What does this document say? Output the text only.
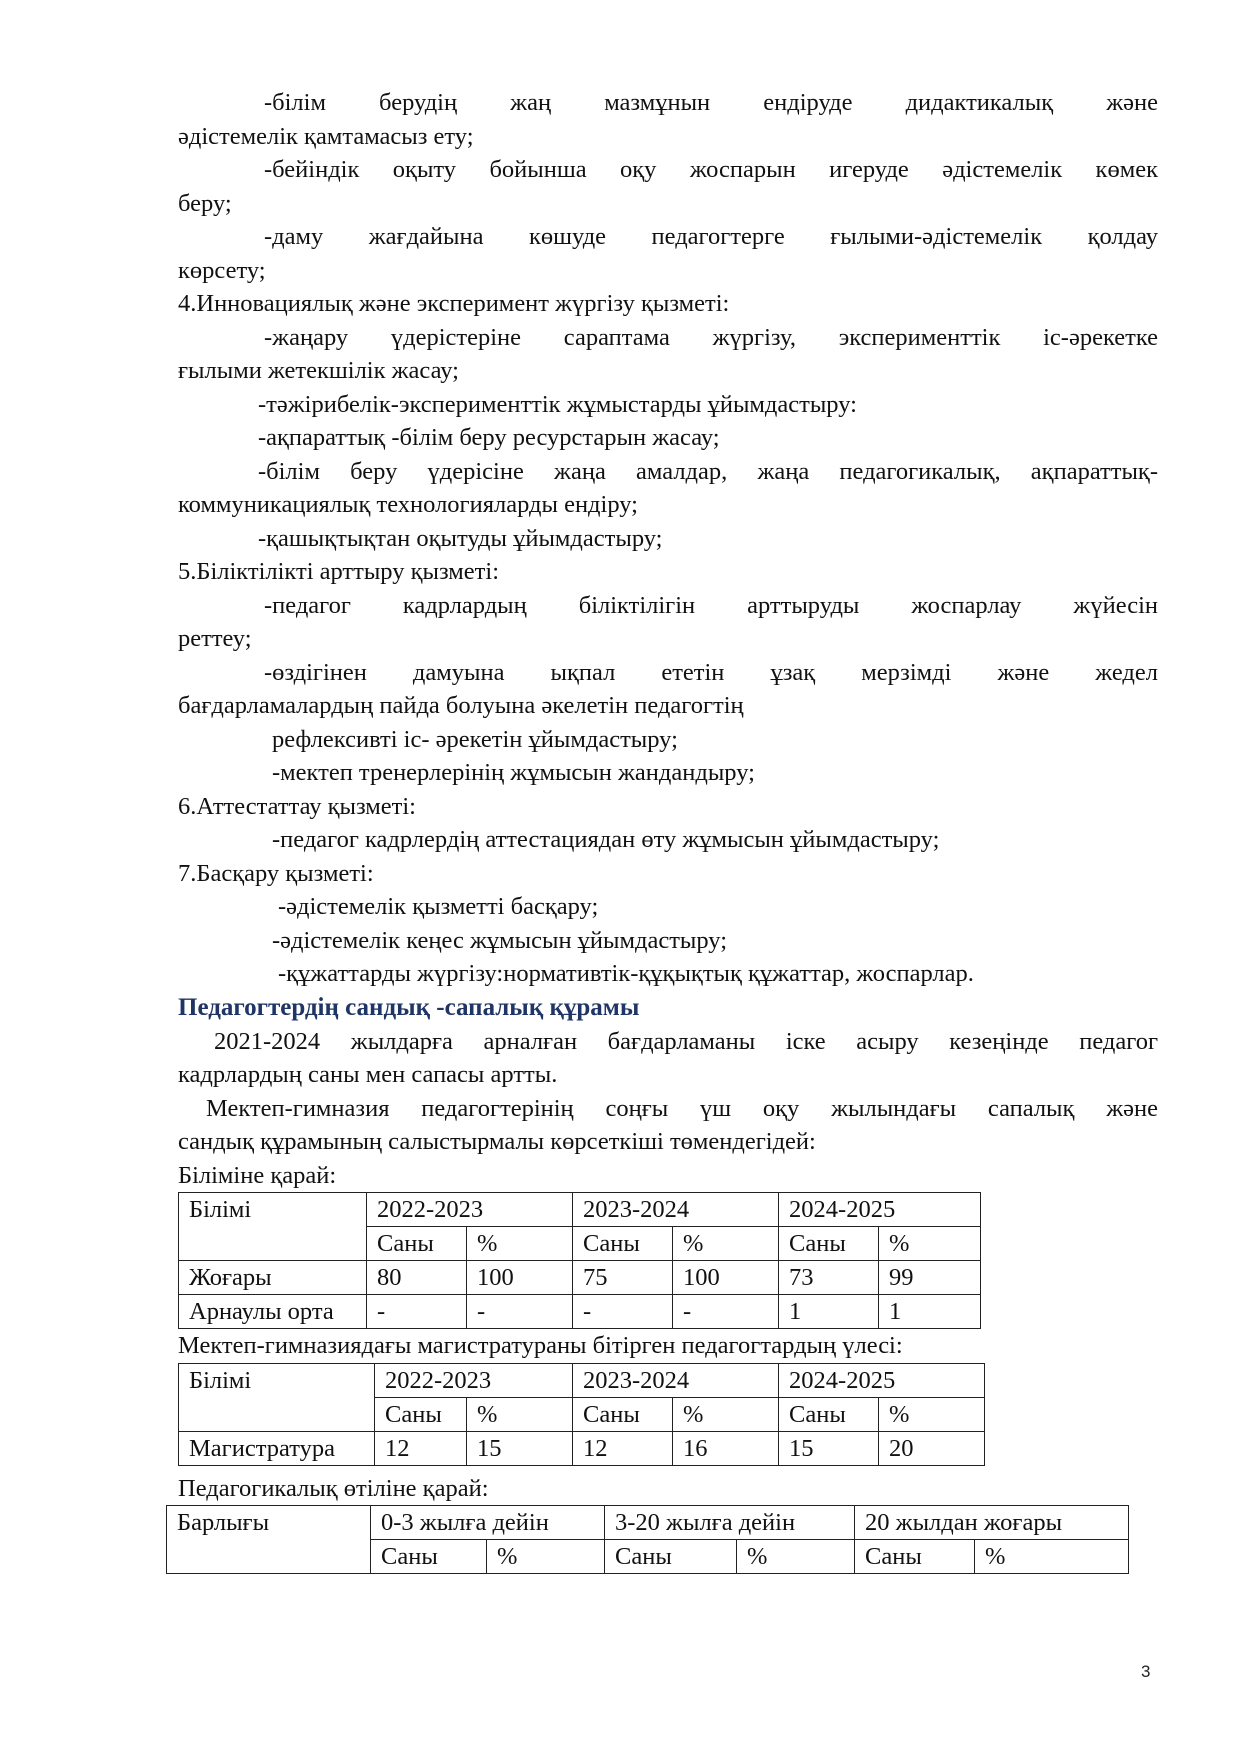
-білім берудің жаң мазмұнын ендіруде дидактикалық және
әдістемелік қамтамасыз ету;
-бейіндік оқыту бойынша оқу жоспарын игеруде әдістемелік көмек
беру;
-даму жағдайына көшуде педагогтерге ғылыми-әдістемелік қолдау
көрсету;
4.Инновациялық және эксперимент жүргізу қызметі:
-жаңару үдерістеріне сараптама жүргізу, эксперименттік іс-әрекетке
ғылыми жетекшілік жасау;
-тәжірибелік-эксперименттік жұмыстарды ұйымдастыру:
-ақпараттық -білім беру ресурстарын жасау;
-білім беру үдерісіне жаңа амалдар, жаңа педагогикалық, ақпараттық-
коммуникациялық технологияларды ендіру;
-қашықтықтан оқытуды ұйымдастыру;
5.Біліктілікті арттыру қызметі:
-педагог кадрлардың біліктілігін арттыруды жоспарлау жүйесін
реттеу;
-өздігінен дамуына ықпал ететін ұзақ мерзімді және жедел
бағдарламалардың пайда болуына әкелетін педагогтің
рефлексивті іс- әрекетін ұйымдастыру;
-мектеп тренерлерінің жұмысын жандандыру;
6.Аттестаттау қызметі:
-педагог кадрлердің аттестациядан өту жұмысын ұйымдастыру;
7.Басқару қызметі:
-әдістемелік қызметті басқару;
-әдістемелік кеңес жұмысын ұйымдастыру;
-құжаттарды жүргізу:нормативтік-құқықтық құжаттар, жоспарлар.
Педагогтердің сандық -сапалық құрамы
2021-2024 жылдарға арналған бағдарламаны іске асыру кезеңінде педагог
кадрлардың саны мен сапасы артты.
Мектеп-гимназия педагогтерінің соңғы үш оқу жылындағы сапалық және
сандық құрамының салыстырмалы көрсеткіші төмендегідей:
Біліміне қарай:
Білімі	2022-2023		2023-2024		2024-2025	
	Саны	%	Саны	%	Саны	%
Жоғары	80	100	75	100	73	99
Арнаулы орта	-	-	-	-	1	1
Мектеп-гимназиядағы магистратураны бітірген педагогтардың үлесі:
Білімі	2022-2023		2023-2024		2024-2025	
	Саны	%	Саны	%	Саны	%
Магистратура	12	15	12	16	15	20
Педагогикалық өтіліне қарай:
Барлығы	0-3 жылға дейін		3-20 жылға дейін		20 жылдан жоғары	
	Саны	%	Саны	%	Саны	%
3
